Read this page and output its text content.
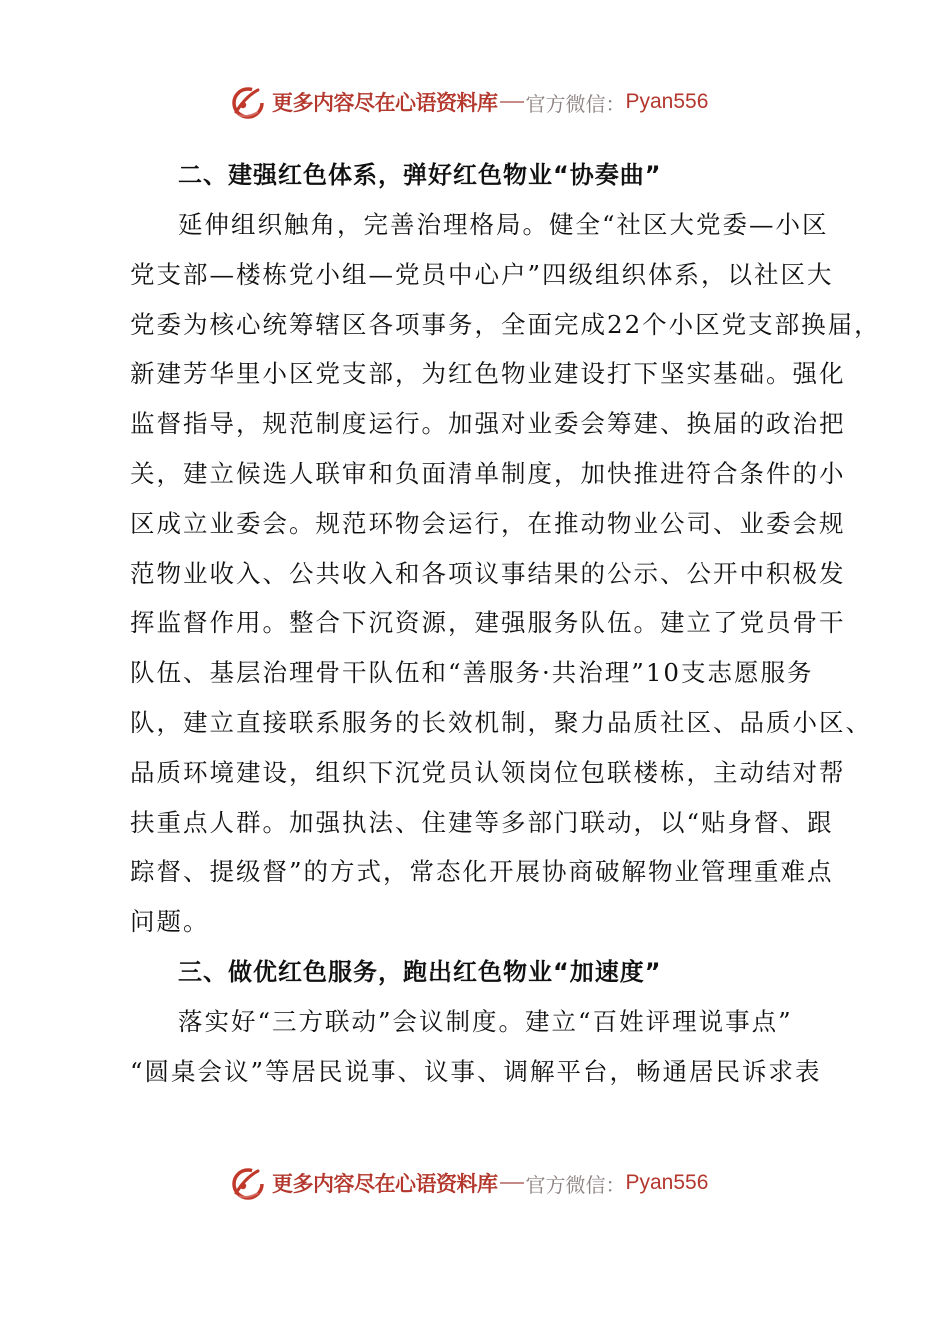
更多内容尽在心语资料库 官方微信： Pyan556
二、建强红色体系，弹好红色物业“协奏曲”
延伸组织触角，完善治理格局。健全“社区大党委—小区
党支部—楼栋党小组—党员中心户”四级组织体系，以社区大
党委为核心统筹辖区各项事务，全面完成22个小区党支部换届，
新建芳华里小区党支部，为红色物业建设打下坚实基础。强化
监督指导，规范制度运行。加强对业委会筹建、换届的政治把
关，建立候选人联审和负面清单制度，加快推进符合条件的小
区成立业委会。规范环物会运行，在推动物业公司、业委会规
范物业收入、公共收入和各项议事结果的公示、公开中积极发
挥监督作用。整合下沉资源，建强服务队伍。建立了党员骨干
队伍、基层治理骨干队伍和“善服务·共治理”10支志愿服务
队，建立直接联系服务的长效机制，聚力品质社区、品质小区、
品质环境建设，组织下沉党员认领岗位包联楼栋，主动结对帮
扶重点人群。加强执法、住建等多部门联动，以“贴身督、跟
踪督、提级督”的方式，常态化开展协商破解物业管理重难点
问题。
三、做优红色服务，跑出红色物业“加速度”
落实好“三方联动”会议制度。建立“百姓评理说事点”
“圆桌会议”等居民说事、议事、调解平台，畅通居民诉求表
更多内容尽在心语资料库 官方微信： Pyan556
